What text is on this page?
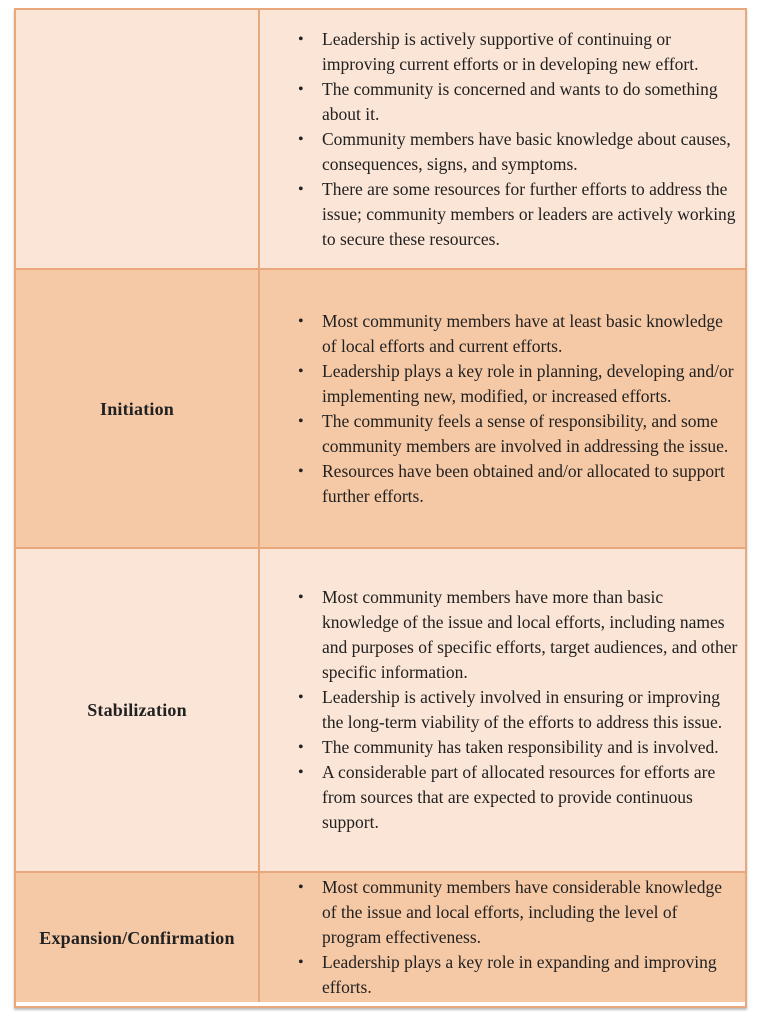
• Leadership is actively supportive of continuing or improving current efforts or in developing new effort.
• The community is concerned and wants to do something about it.
• Community members have basic knowledge about causes, consequences, signs, and symptoms.
• There are some resources for further efforts to address the issue; community members or leaders are actively working to secure these resources.
Initiation
• Most community members have at least basic knowledge of local efforts and current efforts.
• Leadership plays a key role in planning, developing and/or implementing new, modified, or increased efforts.
• The community feels a sense of responsibility, and some community members are involved in addressing the issue.
• Resources have been obtained and/or allocated to support further efforts.
Stabilization
• Most community members have more than basic knowledge of the issue and local efforts, including names and purposes of specific efforts, target audiences, and other specific information.
• Leadership is actively involved in ensuring or improving the long-term viability of the efforts to address this issue.
• The community has taken responsibility and is involved.
• A considerable part of allocated resources for efforts are from sources that are expected to provide continuous support.
Expansion/Confirmation
• Most community members have considerable knowledge of the issue and local efforts, including the level of program effectiveness.
• Leadership plays a key role in expanding and improving efforts.
